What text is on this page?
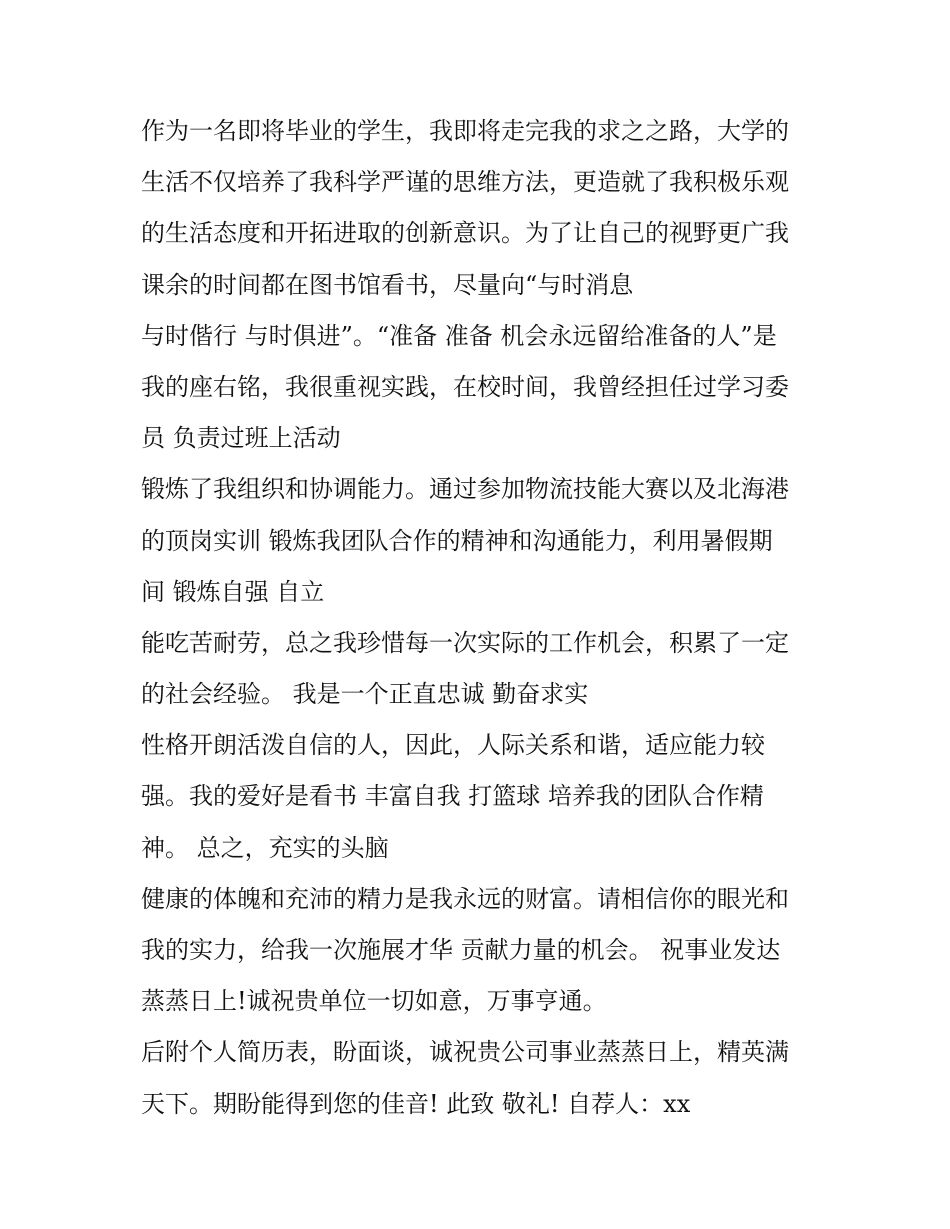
作为一名即将毕业的学生，我即将走完我的求之之路，大学的
生活不仅培养了我科学严谨的思维方法，更造就了我积极乐观
的生活态度和开拓进取的创新意识。为了让自己的视野更广我
课余的时间都在图书馆看书，尽量向“与时消息
与时偕行 与时俱进”。“准备 准备 机会永远留给准备的人”是
我的座右铭，我很重视实践，在校时间，我曾经担任过学习委
员 负责过班上活动
锻炼了我组织和协调能力。通过参加物流技能大赛以及北海港
的顶岗实训 锻炼我团队合作的精神和沟通能力，利用暑假期
间 锻炼自强 自立
能吃苦耐劳，总之我珍惜每一次实际的工作机会，积累了一定
的社会经验。 我是一个正直忠诚 勤奋求实
性格开朗活泼自信的人，因此，人际关系和谐，适应能力较
强。我的爱好是看书 丰富自我 打篮球 培养我的团队合作精
神。 总之，充实的头脑
健康的体魄和充沛的精力是我永远的财富。请相信你的眼光和
我的实力，给我一次施展才华 贡献力量的机会。 祝事业发达
蒸蒸日上!诚祝贵单位一切如意，万事亨通。
后附个人简历表，盼面谈，诚祝贵公司事业蒸蒸日上，精英满
天下。期盼能得到您的佳音! 此致 敬礼! 自荐人：xx
